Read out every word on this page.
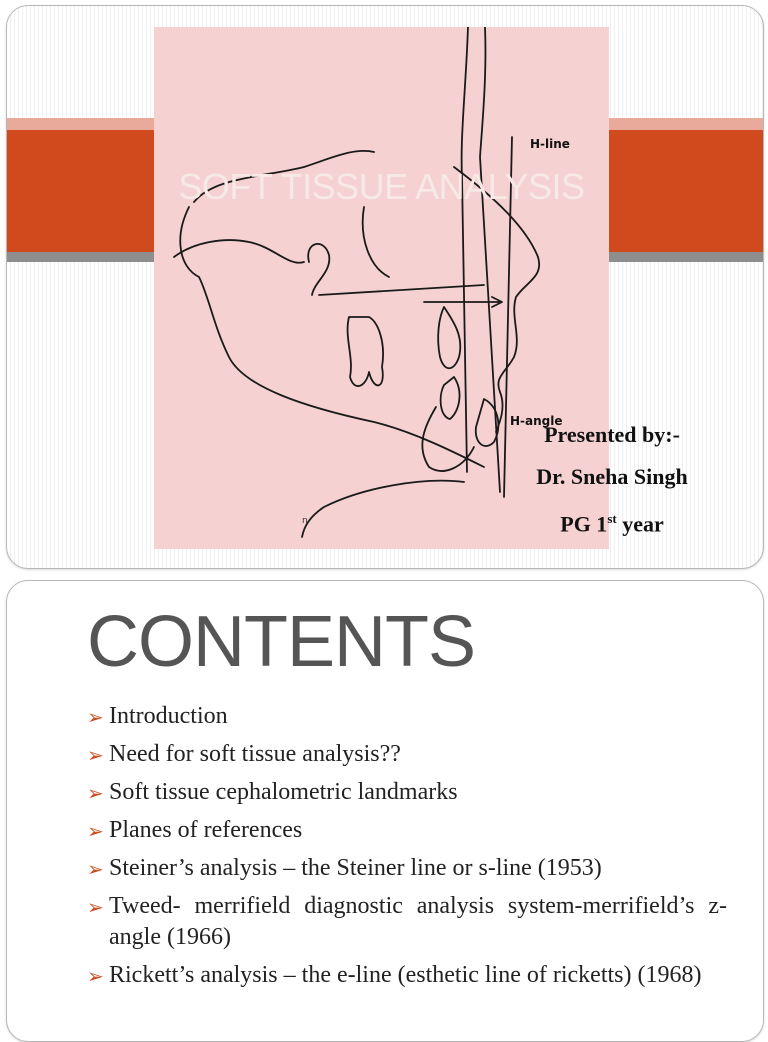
H-line
H-angle
n
SOFT TISSUE ANALYSIS
Presented by:-
Dr. Sneha Singh
PG 1st year
CONTENTS
➢ Introduction
➢ Need for soft tissue analysis??
➢ Soft tissue cephalometric landmarks
➢ Planes of references
➢ Steiner’s analysis – the Steiner line or s-line (1953)
➢ Tweed- merrifield diagnostic analysis system-merrifield’s z-angle (1966)
➢ Rickett’s analysis – the e-line (esthetic line of ricketts) (1968)
